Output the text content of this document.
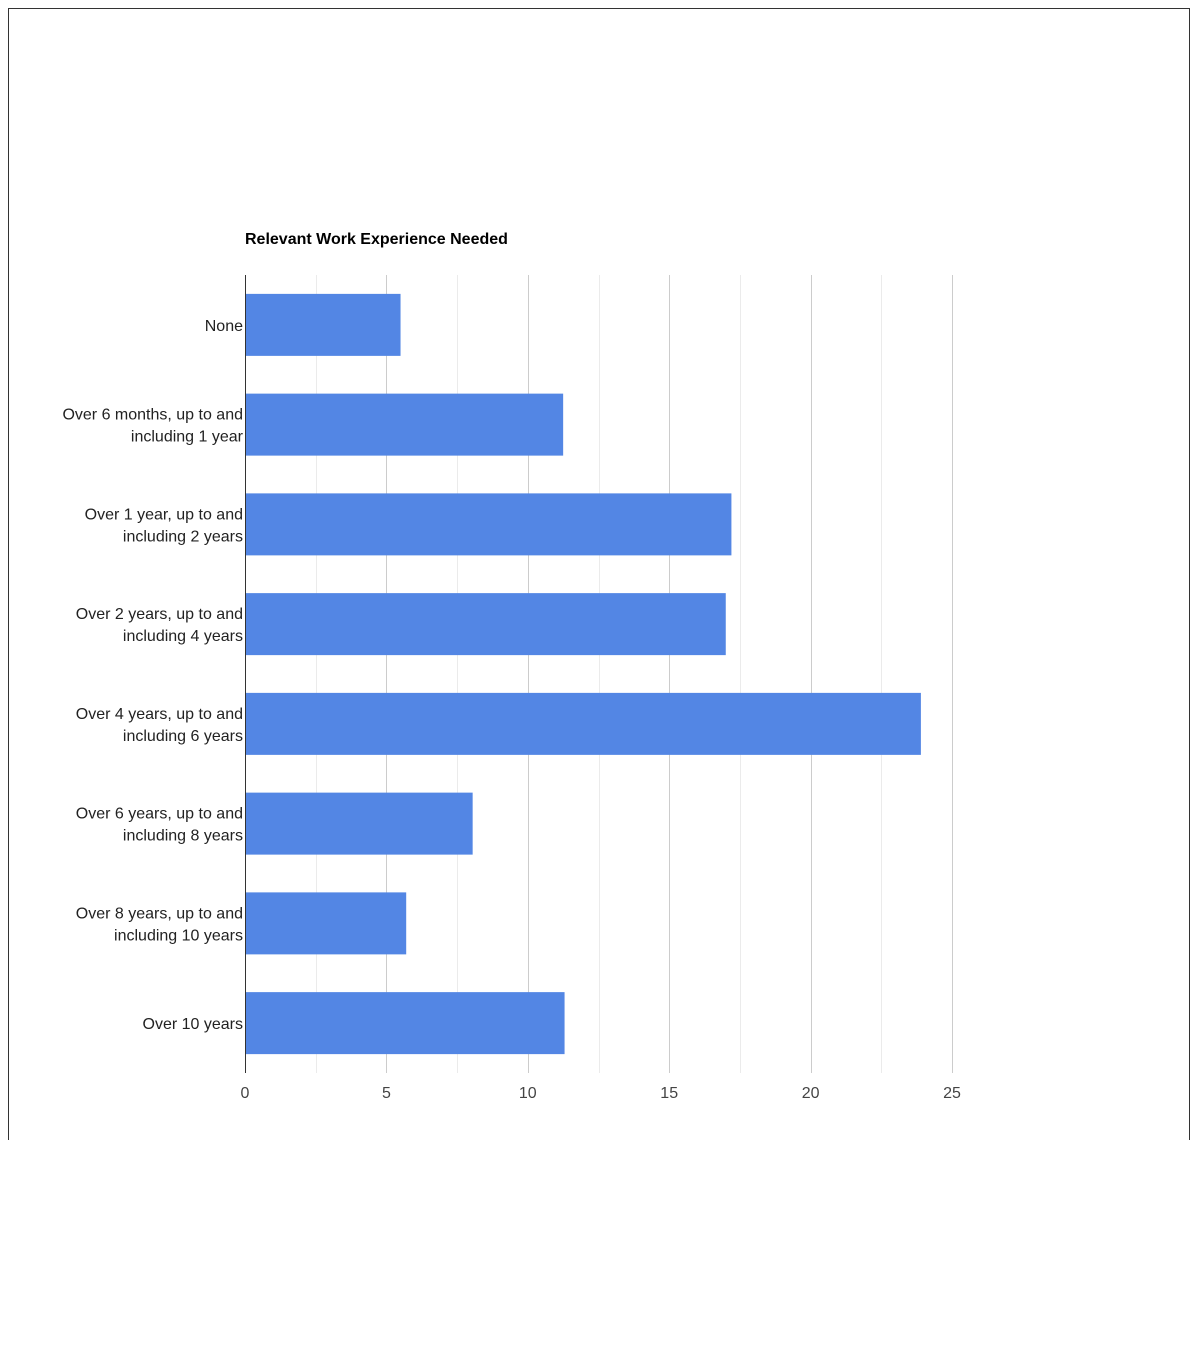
Relevant Work Experience Needed
None
Over 6 months, up to and
including 1 year
Over 1 year, up to and
including 2 years
Over 2 years, up to and
including 4 years
Over 4 years, up to and
including 6 years
Over 6 years, up to and
including 8 years
Over 8 years, up to and
including 10 years
Over 10 years
0	5	10	15	20	25
